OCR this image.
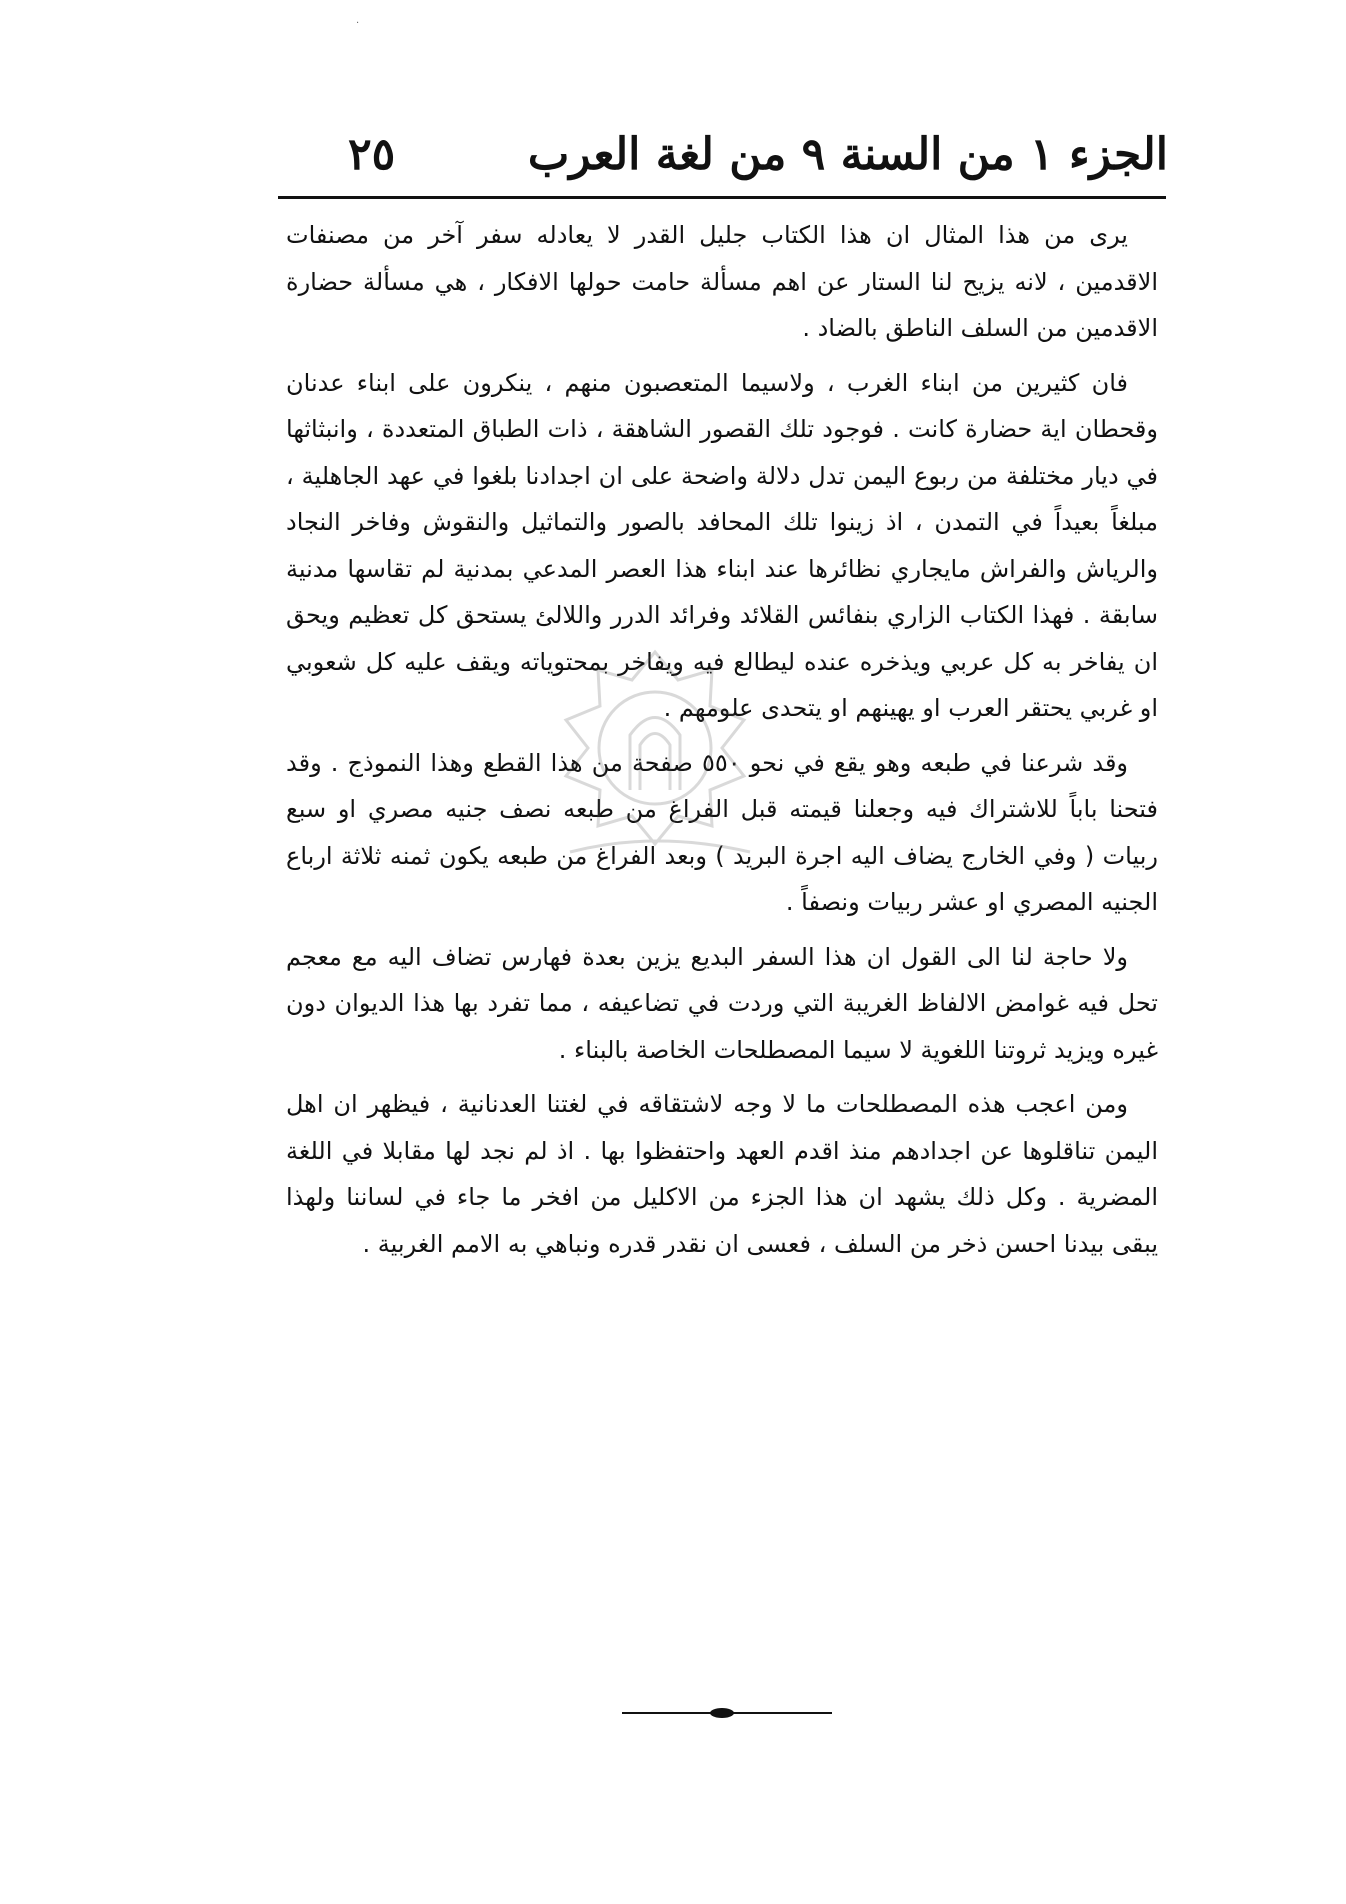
·
الجزء ١ من السنة ٩ من لغة العرب
٢٥

يرى من هذا المثال ان هذا الكتاب جليل القدر لا يعادله سفر آخر من مصنفات الاقدمين ، لانه يزيح لنا الستار عن اهم مسألة حامت حولها الافكار ، هي مسألة حضارة الاقدمين من السلف الناطق بالضاد .

فان كثيرين من ابناء الغرب ، ولاسيما المتعصبون منهم ، ينكرون على ابناء عدنان وقحطان اية حضارة كانت . فوجود تلك القصور الشاهقة ، ذات الطباق المتعددة ، وانبثاثها في ديار مختلفة من ربوع اليمن تدل دلالة واضحة على ان اجدادنا بلغوا في عهد الجاهلية ، مبلغاً بعيداً في التمدن ، اذ زينوا تلك المحافد بالصور والتماثيل والنقوش وفاخر النجاد والرياش والفراش مايجاري نظائرها عند ابناء هذا العصر المدعي بمدنية لم تقاسها مدنية سابقة . فهذا الكتاب الزاري بنفائس القلائد وفرائد الدرر واللالئ يستحق كل تعظيم ويحق ان يفاخر به كل عربي ويذخره عنده ليطالع فيه ويفاخر بمحتوياته ويقف عليه كل شعوبي او غربي يحتقر العرب او يهينهم او يتحدى علومهم .

وقد شرعنا في طبعه وهو يقع في نحو ٥٥٠ صفحة من هذا القطع وهذا النموذج . وقد فتحنا باباً للاشتراك فيه وجعلنا قيمته قبل الفراغ من طبعه نصف جنيه مصري او سبع ربيات ( وفي الخارج يضاف اليه اجرة البريد ) وبعد الفراغ من طبعه يكون ثمنه ثلاثة ارباع الجنيه المصري او عشر ربيات ونصفاً .

ولا حاجة لنا الى القول ان هذا السفر البديع يزين بعدة فهارس تضاف اليه مع معجم تحل فيه غوامض الالفاظ الغريبة التي وردت في تضاعيفه ، مما تفرد بها هذا الديوان دون غيره ويزيد ثروتنا اللغوية لا سيما المصطلحات الخاصة بالبناء .

ومن اعجب هذه المصطلحات ما لا وجه لاشتقاقه في لغتنا العدنانية ، فيظهر ان اهل اليمن تناقلوها عن اجدادهم منذ اقدم العهد واحتفظوا بها . اذ لم نجد لها مقابلا في اللغة المضرية . وكل ذلك يشهد ان هذا الجزء من الاكليل من افخر ما جاء في لساننا ولهذا يبقى بيدنا احسن ذخر من السلف ، فعسى ان نقدر قدره ونباهي به الامم الغربية .
